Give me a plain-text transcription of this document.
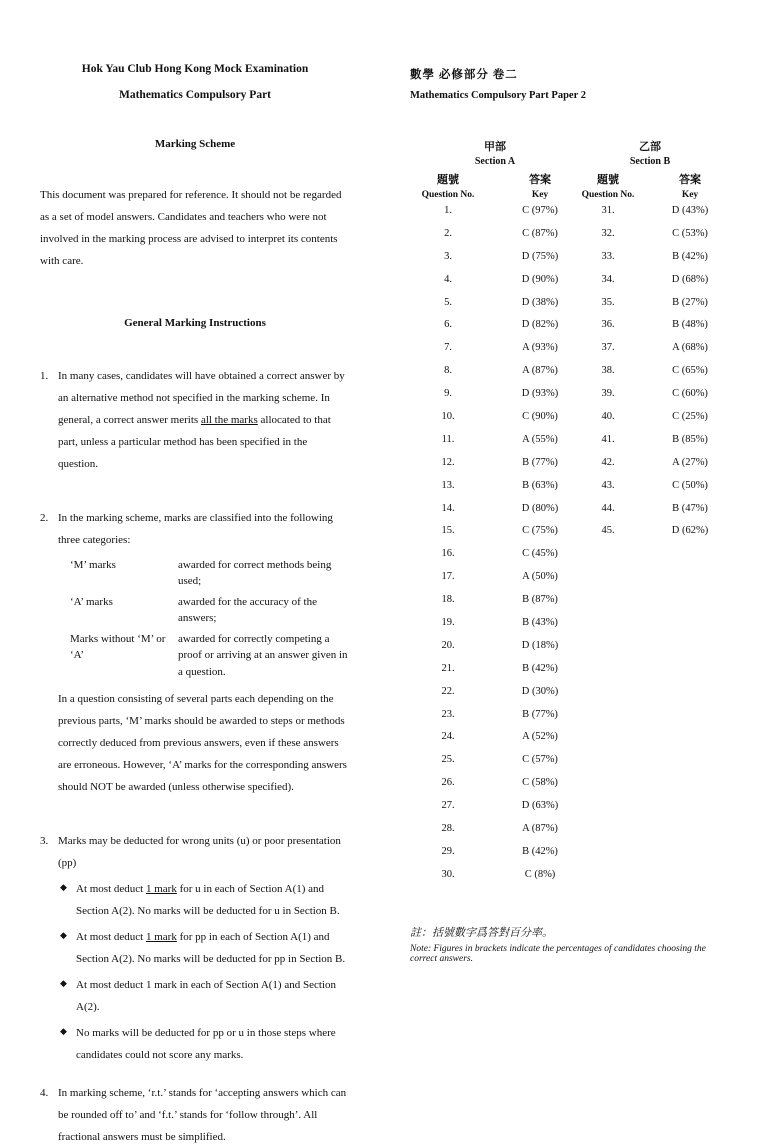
Hok Yau Club Hong Kong Mock Examination

Mathematics Compulsory Part

Marking Scheme

This document was prepared for reference. It should not be regarded as a set of model answers. Candidates and teachers who were not involved in the marking process are advised to interpret its contents with care.

General Marking Instructions

1. In many cases, candidates will have obtained a correct answer by an alternative method not specified in the marking scheme. In general, a correct answer merits all the marks allocated to that part, unless a particular method has been specified in the question.
2. In the marking scheme, marks are classified into the following three categories:
‘M’ marks	awarded for correct methods being used;
‘A’ marks	awarded for the accuracy of the answers;
Marks without ‘M’ or ‘A’	awarded for correctly competing a proof or arriving at an answer given in a question.
In a question consisting of several parts each depending on the previous parts, ‘M’ marks should be awarded to steps or methods correctly deduced from previous answers, even if these answers are erroneous. However, ‘A’ marks for the corresponding answers should NOT be awarded (unless otherwise specified).
3. Marks may be deducted for wrong units (u) or poor presentation (pp)
◆ At most deduct 1 mark for u in each of Section A(1) and Section A(2). No marks will be deducted for u in Section B.
◆ At most deduct 1 mark for pp in each of Section A(1) and Section A(2). No marks will be deducted for pp in Section B.
◆ At most deduct 1 mark in each of Section A(1) and Section A(2).
◆ No marks will be deducted for pp or u in those steps where candidates could not score any marks.
4. In marking scheme, ‘r.t.’ stands for ‘accepting answers which can be rounded off to’ and ‘f.t.’ stands for ‘follow through’. All fractional answers must be simplified.

數學 必修部分 卷二

Mathematics Compulsory Part Paper 2

甲部

Section A

題號
Question No.
答案
Key
1.	C (97%)
2.	C (87%)
3.	D (75%)
4.	D (90%)
5.	D (38%)
6.	D (82%)
7.	A (93%)
8.	A (87%)
9.	D (93%)
10.	C (90%)
11.	A (55%)
12.	B (77%)
13.	B (63%)
14.	D (80%)
15.	C (75%)
16.	C (45%)
17.	A (50%)
18.	B (87%)
19.	B (43%)
20.	D (18%)
21.	B (42%)
22.	D (30%)
23.	B (77%)
24.	A (52%)
25.	C (57%)
26.	C (58%)
27.	D (63%)
28.	A (87%)
29.	B (42%)
30.	C (8%)

乙部

Section B

題號
Question No.
答案
Key
31.	D (43%)
32.	C (53%)
33.	B (42%)
34.	D (68%)
35.	B (27%)
36.	B (48%)
37.	A (68%)
38.	C (65%)
39.	C (60%)
40.	C (25%)
41.	B (85%)
42.	A (27%)
43.	C (50%)
44.	B (47%)
45.	D (62%)

註：括號數字爲答對百分率。

Note: Figures in brackets indicate the percentages of candidates choosing the correct answers.
